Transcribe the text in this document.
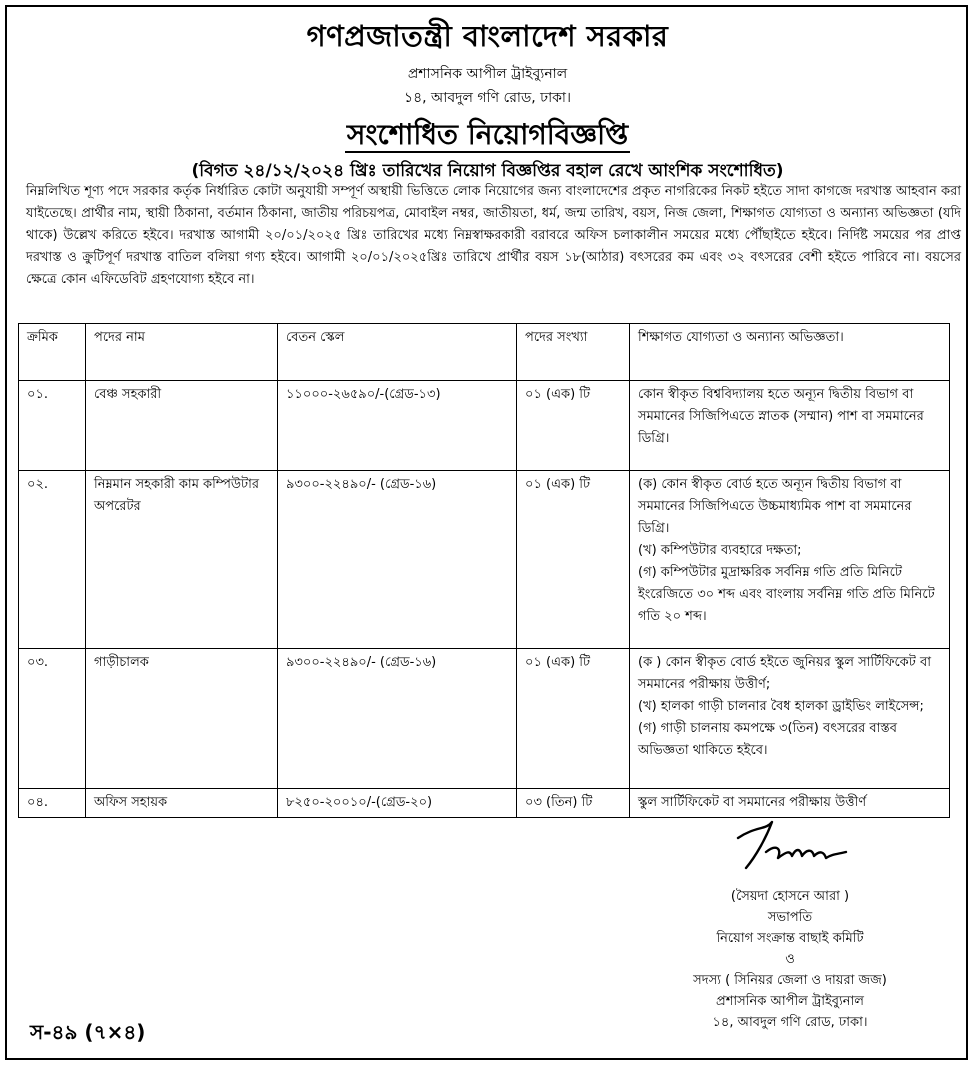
গণপ্রজাতন্ত্রী বাংলাদেশ সরকার
প্রশাসনিক আপীল ট্রাইব্যুনাল
১৪, আবদুল গণি রোড, ঢাকা।
সংশোধিত নিয়োগবিজ্ঞপ্তি
(বিগত ২৪/১২/২০২৪ খ্রিঃ তারিখের নিয়োগ বিজ্ঞপ্তির বহাল রেখে আংশিক সংশোধিত)
নিম্নলিখিত শূণ্য পদে সরকার কর্তৃক নির্ধারিত কোটা অনুযায়ী সম্পূর্ণ অস্থায়ী ভিত্তিতে লোক নিয়োগের জন্য বাংলাদেশের প্রকৃত নাগরিকের নিকট হইতে সাদা কাগজে দরখাস্ত আহবান করা যাইতেছে। প্রার্থীর নাম, স্থায়ী ঠিকানা, বর্তমান ঠিকানা, জাতীয় পরিচয়পত্র, মোবাইল নম্বর, জাতীয়তা, ধর্ম, জন্ম তারিখ, বয়স, নিজ জেলা, শিক্ষাগত যোগ্যতা ও অন্যান্য অভিজ্ঞতা (যদি থাকে) উল্লেখ করিতে হইবে। দরখাস্ত আগামী ২০/০১/২০২৫ খ্রিঃ তারিখের মধ্যে নিম্নস্বাক্ষরকারী বরাবরে অফিস চলাকালীন সময়ের মধ্যে পৌঁছাইতে হইবে। নির্দিষ্ট সময়ের পর প্রাপ্ত দরখাস্ত ও ক্রুটিপূর্ণ দরখাস্ত বাতিল বলিয়া গণ্য হইবে। আগামী ২০/০১/২০২৫খ্রিঃ তারিখে প্রার্থীর বয়স ১৮(আঠার) বৎসরের কম এবং ৩২ বৎসরের বেশী হইতে পারিবে না। বয়সের ক্ষেত্রে কোন এফিডেবিট গ্রহণযোগ্য হইবে না।
ক্রমিক	পদের নাম	বেতন স্কেল	পদের সংখ্যা	শিক্ষাগত যোগ্যতা ও অন্যান্য অভিজ্ঞতা।
০১.	বেঞ্চ সহকারী	১১০০০-২৬৫৯০/-(গ্রেড-১৩)	০১ (এক) টি	কোন স্বীকৃত বিশ্ববিদ্যালয় হতে অন্যূন দ্বিতীয় বিভাগ বা সমমানের সিজিপিএতে স্নাতক (সম্মান) পাশ বা সমমানের ডিগ্রি।

০২.	নিম্নমান সহকারী কাম কম্পিউটার অপরেটর	৯৩০০-২২৪৯০/- (গ্রেড-১৬)	০১ (এক) টি	(ক) কোন স্বীকৃত বোর্ড হতে অন্যূন দ্বিতীয় বিভাগ বা সমমানের সিজিপিএতে উচ্চমাধ্যমিক পাশ বা সমমানের ডিগ্রি।
(খ) কম্পিউটার ব্যবহারে দক্ষতা;
(গ) কম্পিউটার মুদ্রাক্ষরিক সর্বনিম্ন গতি প্রতি মিনিটে ইংরেজিতে ৩০ শব্দ এবং বাংলায় সর্বনিম্ন গতি প্রতি মিনিটে গতি ২০ শব্দ।

০৩.	গাড়ীচালক	৯৩০০-২২৪৯০/- (গ্রেড-১৬)	০১ (এক) টি	(ক ) কোন স্বীকৃত বোর্ড হইতে জুনিয়র স্কুল সার্টিফিকেট বা সমমানের পরীক্ষায় উত্তীর্ণ;
(খ) হালকা গাড়ী চালনার বৈধ হালকা ড্রাইভিং লাইসেন্স;
(গ) গাড়ী চালনায় কমপক্ষে ৩(তিন) বৎসরের বাস্তব অভিজ্ঞতা থাকিতে হইবে।

০৪.	অফিস সহায়ক	৮২৫০-২০০১০/-(গ্রেড-২০)	০৩ (তিন) টি	স্কুল সার্টিফিকেট বা সমমানের পরীক্ষায় উত্তীর্ণ
(সৈয়দা হোসনে আরা )
সভাপতি
নিয়োগ সংক্রান্ত বাছাই কমিটি
ও
সদস্য ( সিনিয়র জেলা ও দায়রা জজ)
প্রশাসনিক আপীল ট্রাইব্যুনাল
১৪, আবদুল গণি রোড, ঢাকা।
স-৪৯ (৭×৪)
